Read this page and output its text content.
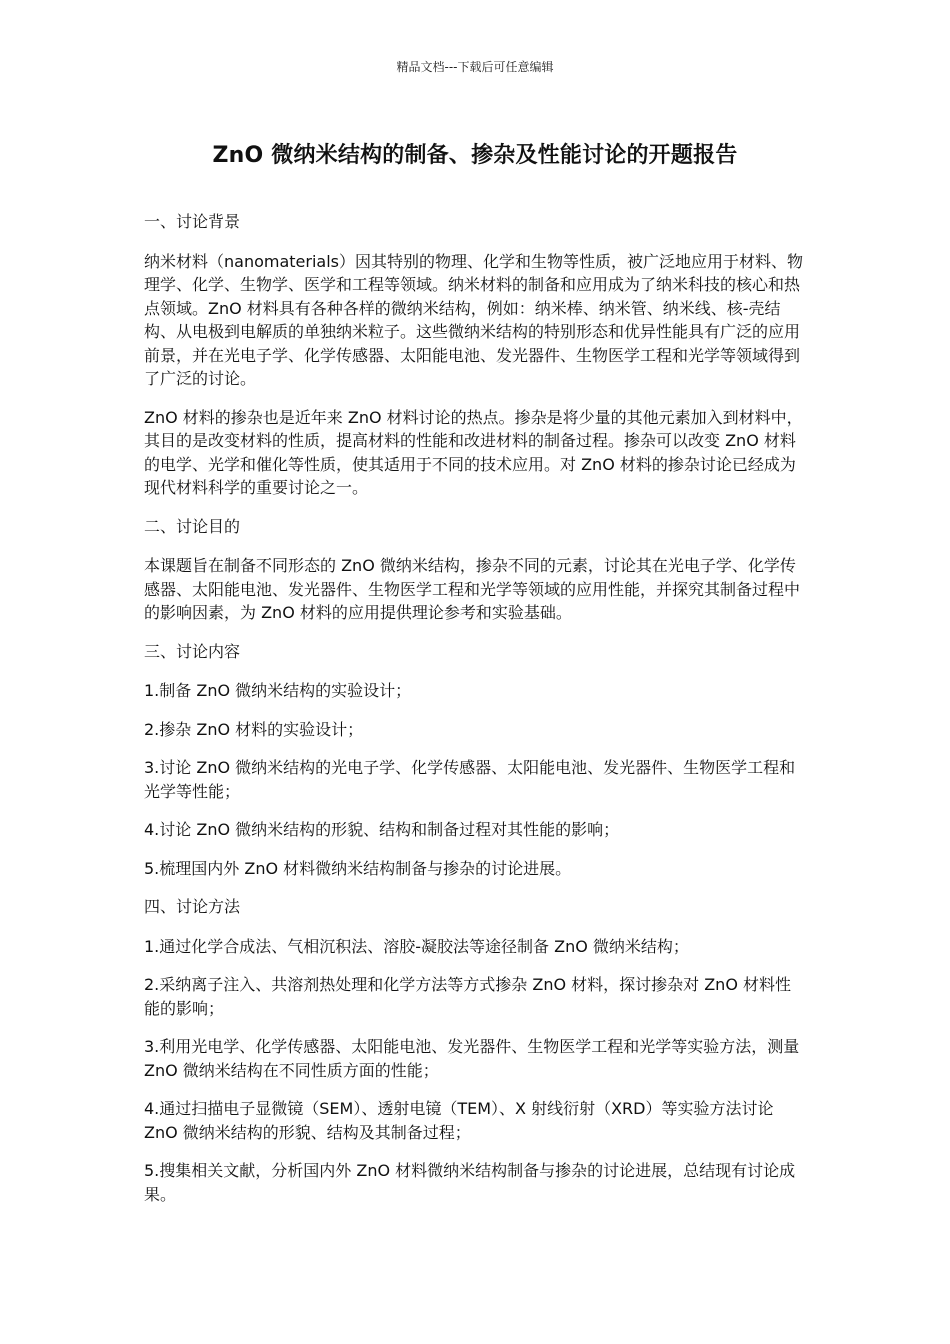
精品文档---下载后可任意编辑
ZnO 微纳米结构的制备、掺杂及性能讨论的开题报告

一、讨论背景

纳米材料（nanomaterials）因其特别的物理、化学和生物等性质，被广泛地应用于材料、物理学、化学、生物学、医学和工程等领域。纳米材料的制备和应用成为了纳米科技的核心和热点领域。ZnO 材料具有各种各样的微纳米结构，例如：纳米棒、纳米管、纳米线、核-壳结构、从电极到电解质的单独纳米粒子。这些微纳米结构的特别形态和优异性能具有广泛的应用前景，并在光电子学、化学传感器、太阳能电池、发光器件、生物医学工程和光学等领域得到了广泛的讨论。

ZnO 材料的掺杂也是近年来 ZnO 材料讨论的热点。掺杂是将少量的其他元素加入到材料中，其目的是改变材料的性质，提高材料的性能和改进材料的制备过程。掺杂可以改变 ZnO 材料的电学、光学和催化等性质，使其适用于不同的技术应用。对 ZnO 材料的掺杂讨论已经成为现代材料科学的重要讨论之一。

二、讨论目的

本课题旨在制备不同形态的 ZnO 微纳米结构，掺杂不同的元素，讨论其在光电子学、化学传感器、太阳能电池、发光器件、生物医学工程和光学等领域的应用性能，并探究其制备过程中的影响因素，为 ZnO 材料的应用提供理论参考和实验基础。

三、讨论内容

1.制备 ZnO 微纳米结构的实验设计；

2.掺杂 ZnO 材料的实验设计；

3.讨论 ZnO 微纳米结构的光电子学、化学传感器、太阳能电池、发光器件、生物医学工程和光学等性能；

4.讨论 ZnO 微纳米结构的形貌、结构和制备过程对其性能的影响；

5.梳理国内外 ZnO 材料微纳米结构制备与掺杂的讨论进展。

四、讨论方法

1.通过化学合成法、气相沉积法、溶胶-凝胶法等途径制备 ZnO 微纳米结构；

2.采纳离子注入、共溶剂热处理和化学方法等方式掺杂 ZnO 材料，探讨掺杂对 ZnO 材料性能的影响；

3.利用光电学、化学传感器、太阳能电池、发光器件、生物医学工程和光学等实验方法，测量 ZnO 微纳米结构在不同性质方面的性能；

4.通过扫描电子显微镜（SEM）、透射电镜（TEM）、X 射线衍射（XRD）等实验方法讨论 ZnO 微纳米结构的形貌、结构及其制备过程；

5.搜集相关文献，分析国内外 ZnO 材料微纳米结构制备与掺杂的讨论进展，总结现有讨论成果。
